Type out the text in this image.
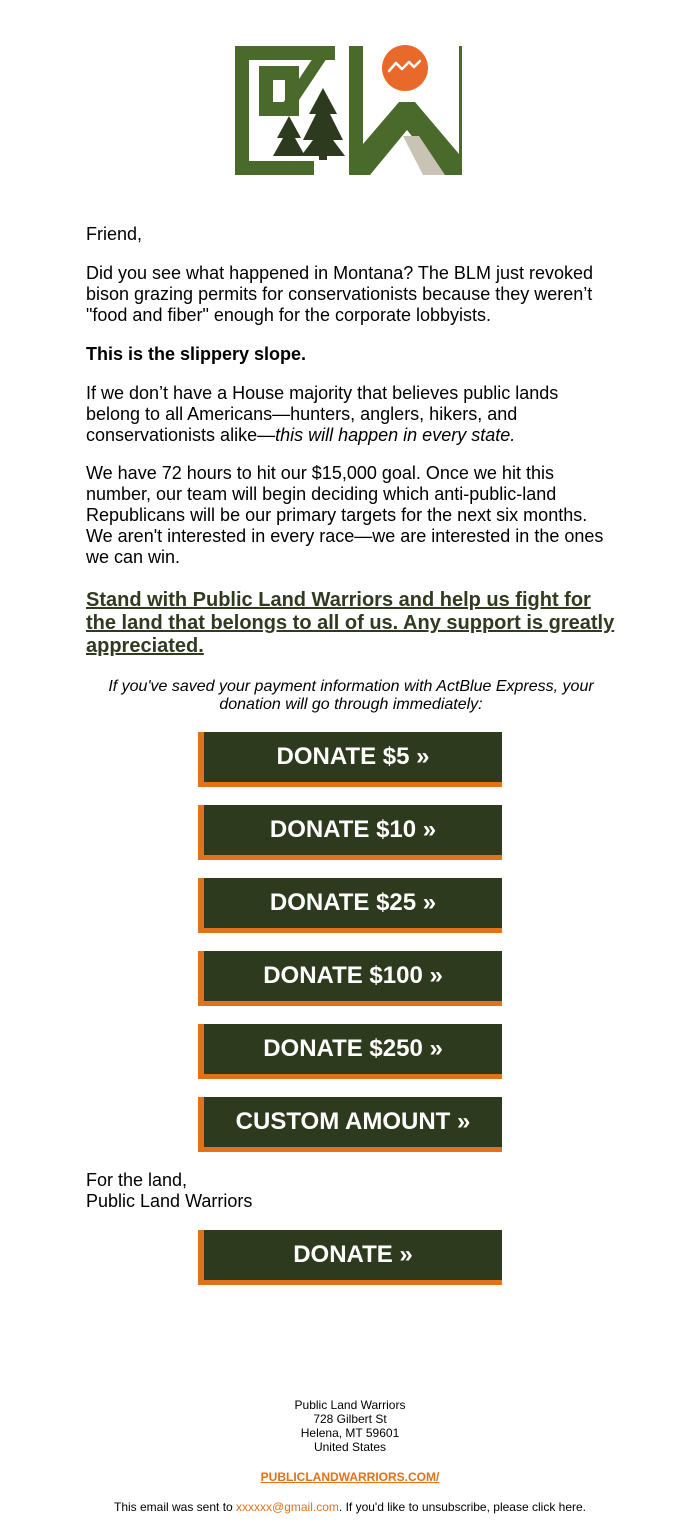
Friend,

Did you see what happened in Montana? The BLM just revoked bison grazing permits for conservationists because they weren’t "food and fiber" enough for the corporate lobbyists.

This is the slippery slope.

If we don’t have a House majority that believes public lands belong to all Americans—hunters, anglers, hikers, and conservationists alike—this will happen in every state.

We have 72 hours to hit our $15,000 goal. Once we hit this number, our team will begin deciding which anti-public-land Republicans will be our primary targets for the next six months. We aren't interested in every race—we are interested in the ones we can win.

Stand with Public Land Warriors and help us fight for the land that belongs to all of us. Any support is greatly appreciated.
If you've saved your payment information with ActBlue Express, your donation will go through immediately:
DONATE $5 »
DONATE $10 »
DONATE $25 »
DONATE $100 »
DONATE $250 »
CUSTOM AMOUNT »

For the land,

Public Land Warriors

DONATE »
Public Land Warriors
728 Gilbert St
Helena, MT 59601
United States
PUBLICLANDWARRIORS.COM/
This email was sent to xxxxxx@gmail.com. If you'd like to unsubscribe, please click here.
